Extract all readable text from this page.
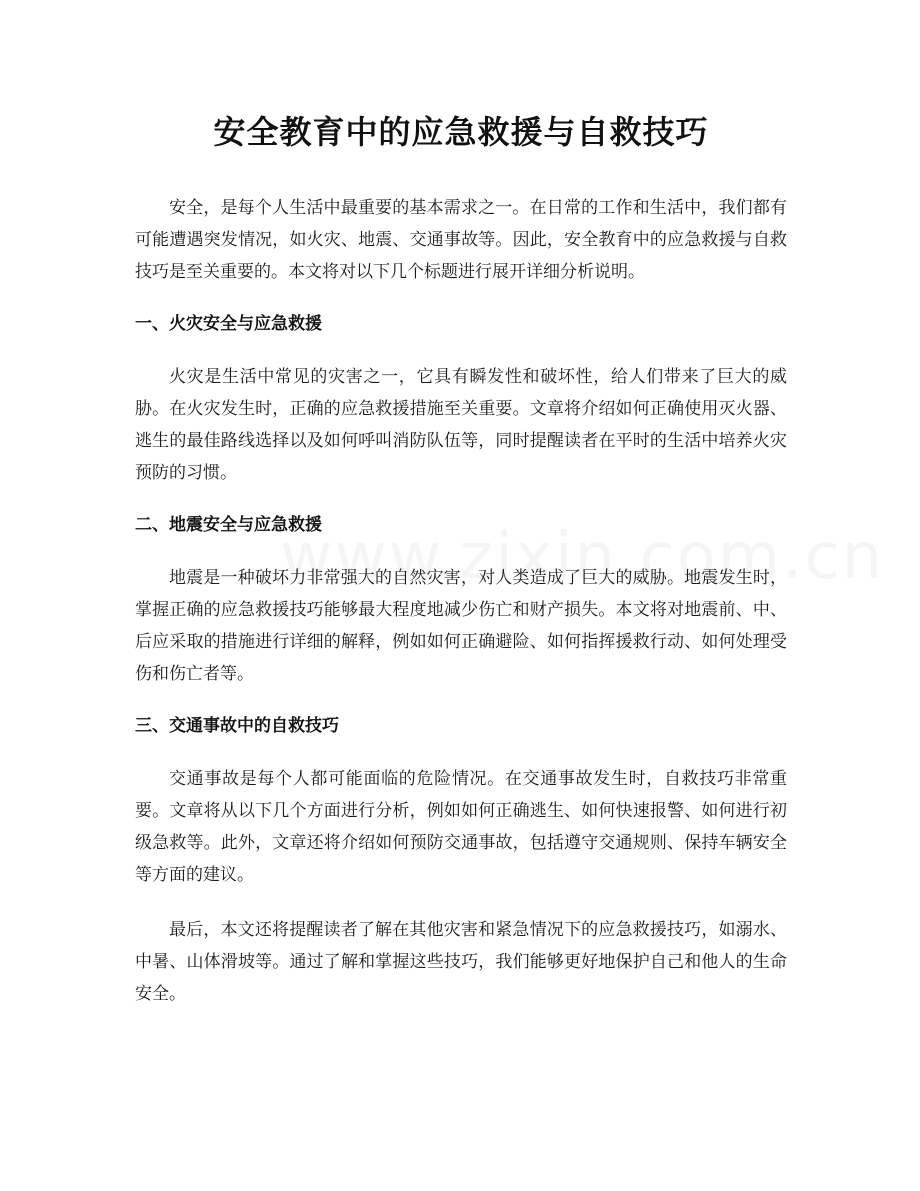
安全教育中的应急救援与自救技巧

安全，是每个人生活中最重要的基本需求之一。在日常的工作和生活中，我们都有可能遭遇突发情况，如火灾、地震、交通事故等。因此，安全教育中的应急救援与自救技巧是至关重要的。本文将对以下几个标题进行展开详细分析说明。

一、火灾安全与应急救援

火灾是生活中常见的灾害之一，它具有瞬发性和破坏性，给人们带来了巨大的威胁。在火灾发生时，正确的应急救援措施至关重要。文章将介绍如何正确使用灭火器、逃生的最佳路线选择以及如何呼叫消防队伍等，同时提醒读者在平时的生活中培养火灾预防的习惯。

二、地震安全与应急救援

地震是一种破坏力非常强大的自然灾害，对人类造成了巨大的威胁。地震发生时，掌握正确的应急救援技巧能够最大程度地减少伤亡和财产损失。本文将对地震前、中、后应采取的措施进行详细的解释，例如如何正确避险、如何指挥援救行动、如何处理受伤和伤亡者等。

三、交通事故中的自救技巧

交通事故是每个人都可能面临的危险情况。在交通事故发生时，自救技巧非常重要。文章将从以下几个方面进行分析，例如如何正确逃生、如何快速报警、如何进行初级急救等。此外，文章还将介绍如何预防交通事故，包括遵守交通规则、保持车辆安全等方面的建议。

最后，本文还将提醒读者了解在其他灾害和紧急情况下的应急救援技巧，如溺水、中暑、山体滑坡等。通过了解和掌握这些技巧，我们能够更好地保护自己和他人的生命安全。
